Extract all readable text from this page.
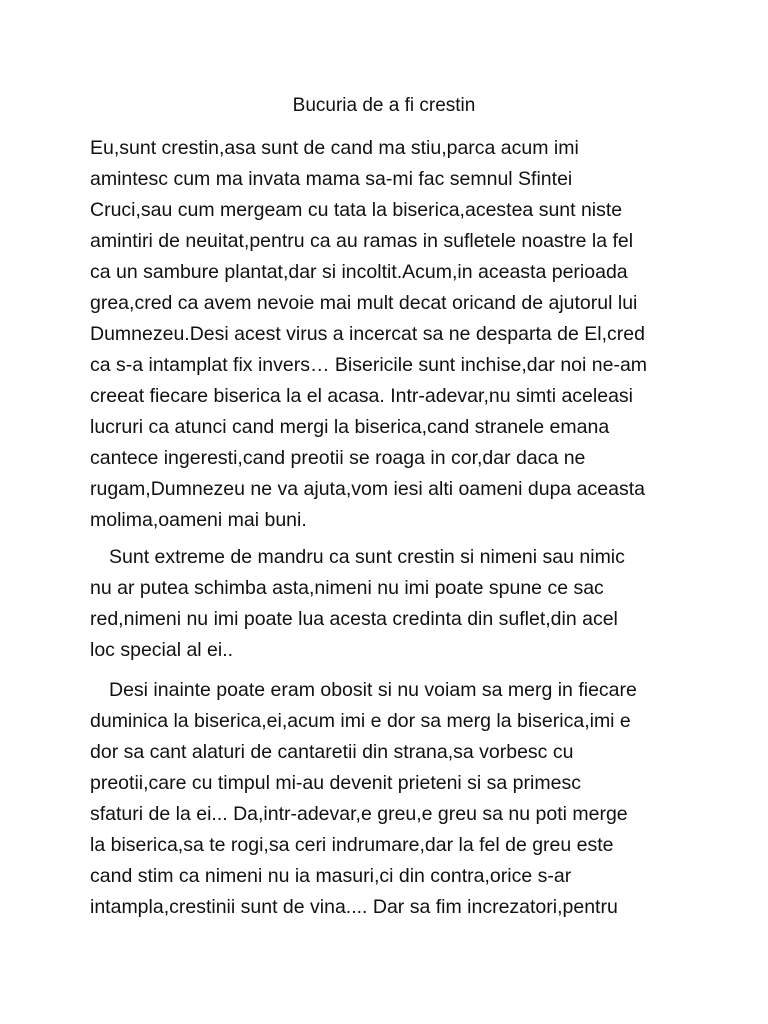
Bucuria de a fi crestin

Eu,sunt crestin,asa sunt de cand ma stiu,parca acum imi

amintesc cum ma invata mama sa-mi fac semnul Sfintei

Cruci,sau cum mergeam cu tata la biserica,acestea sunt niste

amintiri de neuitat,pentru ca au ramas in sufletele noastre la fel

ca un sambure plantat,dar si incoltit.Acum,in aceasta perioada

grea,cred ca avem nevoie mai mult decat oricand de ajutorul lui

Dumnezeu.Desi acest virus a incercat sa ne desparta de El,cred

ca s-a intamplat fix invers… Bisericile sunt inchise,dar noi ne-am

creeat fiecare biserica la el acasa. Intr-adevar,nu simti aceleasi

lucruri ca atunci cand mergi la biserica,cand stranele emana

cantece ingeresti,cand preotii se roaga in cor,dar daca ne

rugam,Dumnezeu ne va ajuta,vom iesi alti oameni dupa aceasta

molima,oameni mai buni.

Sunt extreme de mandru ca sunt crestin si nimeni sau nimic

nu ar putea schimba asta,nimeni nu imi poate spune ce sac

red,nimeni nu imi poate lua acesta credinta din suflet,din acel

loc special al ei..

Desi inainte poate eram obosit si nu voiam sa merg in fiecare

duminica la biserica,ei,acum imi e dor sa merg la biserica,imi e

dor sa cant alaturi de cantaretii din strana,sa vorbesc cu

preotii,care cu timpul mi-au devenit prieteni si sa primesc

sfaturi de la ei... Da,intr-adevar,e greu,e greu sa nu poti merge

la biserica,sa te rogi,sa ceri indrumare,dar la fel de greu este

cand stim ca nimeni nu ia masuri,ci din contra,orice s-ar

intampla,crestinii sunt de vina.... Dar sa fim increzatori,pentru
